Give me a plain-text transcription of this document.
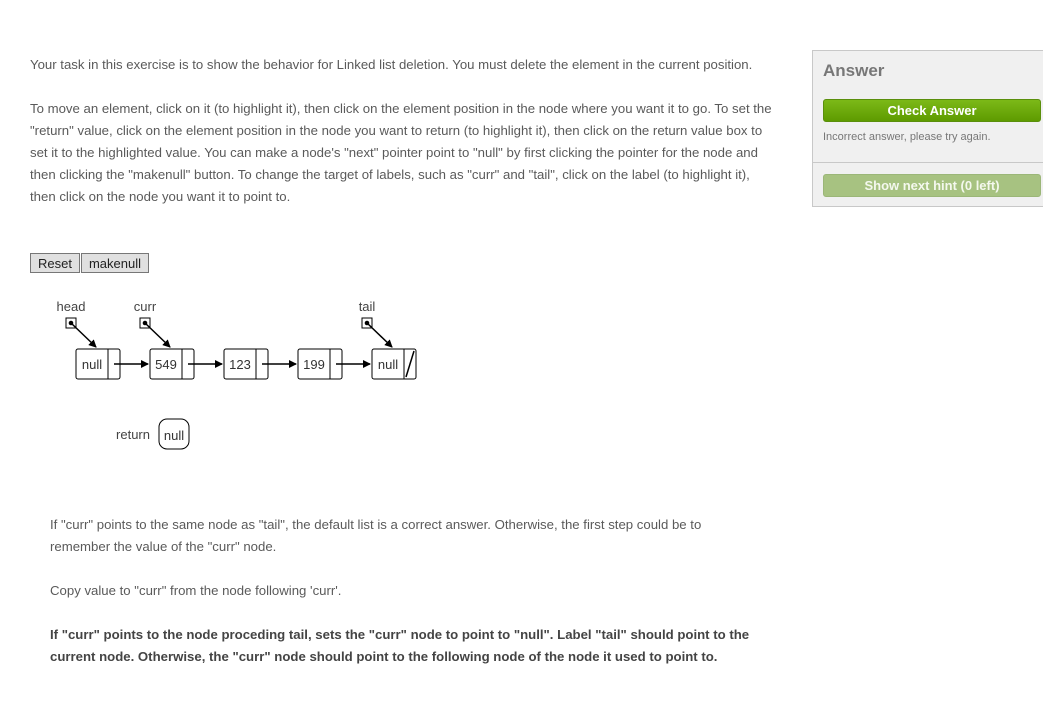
Your task in this exercise is to show the behavior for Linked list deletion. You must delete the element in the current position.

To move an element, click on it (to highlight it), then click on the element position in the node where you want it to go. To set the "return" value, click on the element position in the node you want to return (to highlight it), then click on the return value box to set it to the highlighted value. You can make a node's "next" pointer point to "null" by first clicking the pointer for the node and then clicking the "makenull" button. To change the target of labels, such as "curr" and "tail", click on the label (to highlight it), then click on the node you want it to point to.

Reset makenull
head	curr	tail
null	549	123	199	null
return null

If "curr" points to the same node as "tail", the default list is a correct answer. Otherwise, the first step could be to remember the value of the "curr" node.

Copy value to "curr" from the node following 'curr'.

If "curr" points to the node proceding tail, sets the "curr" node to point to "null". Label "tail" should point to the current node. Otherwise, the "curr" node should point to the following node of the node it used to point to.

Answer
Check Answer
Incorrect answer, please try again.
Show next hint (0 left)
